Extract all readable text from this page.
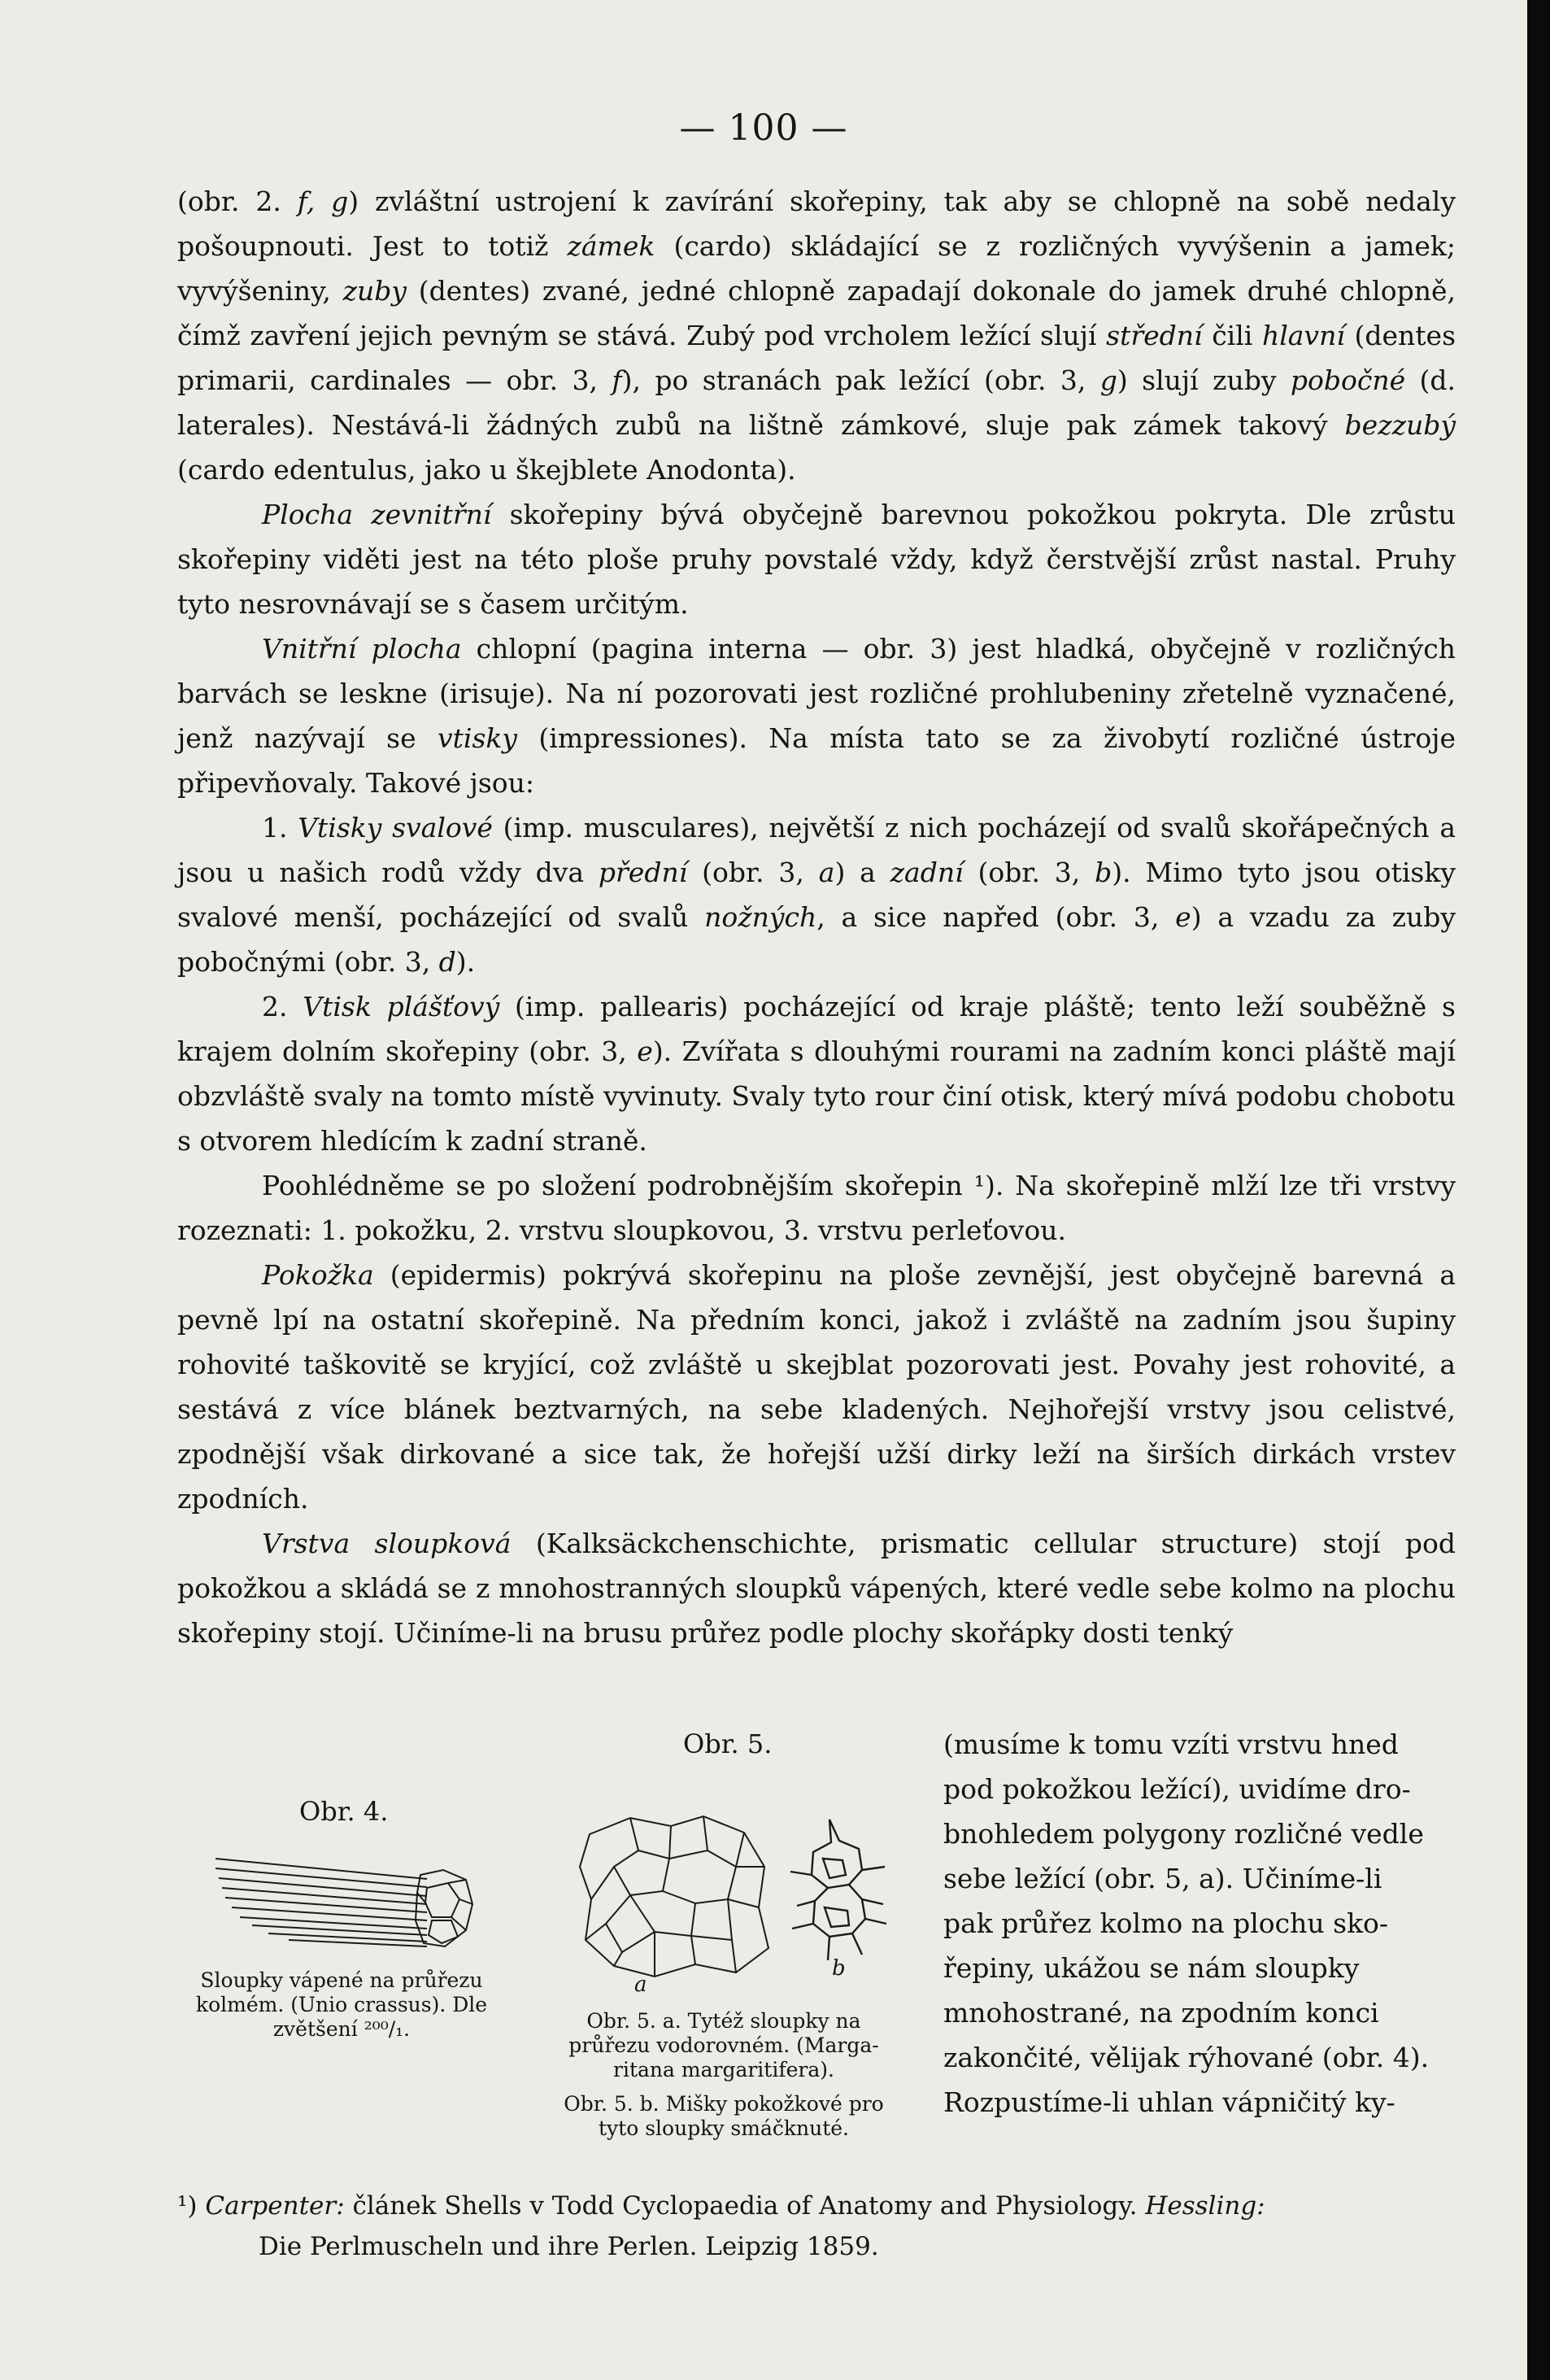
— 100 —

(obr. 2. f, g) zvláštní ustrojení k zavírání skořepiny, tak aby se chlopně na sobě nedaly pošoupnouti. Jest to totiž zámek (cardo) skládající se z rozličných vyvýšenin a jamek; vyvýšeniny, zuby (dentes) zvané, jedné chlopně zapadají dokonale do jamek druhé chlopně, čímž zavření jejich pevným se stává. Zubý pod vrcholem ležící slují střední čili hlavní (dentes primarii, cardinales — obr. 3, f), po stranách pak ležící (obr. 3, g) slují zuby pobočné (d. laterales). Nestává-li žádných zubů na lištně zámkové, sluje pak zámek takový bezzubý (cardo edentulus, jako u škejblete Anodonta).

Plocha zevnitřní skořepiny bývá obyčejně barevnou pokožkou pokryta. Dle zrůstu skořepiny viděti jest na této ploše pruhy povstalé vždy, když čerstvější zrůst nastal. Pruhy tyto nesrovnávají se s časem určitým.

Vnitřní plocha chlopní (pagina interna — obr. 3) jest hladká, obyčejně v rozličných barvách se leskne (irisuje). Na ní pozorovati jest rozličné prohlubeniny zřetelně vyznačené, jenž nazývají se vtisky (impressiones). Na místa tato se za živobytí rozličné ústroje připevňovaly. Takové jsou:

1. Vtisky svalové (imp. musculares), největší z nich pocházejí od svalů skořápečných a jsou u našich rodů vždy dva přední (obr. 3, a) a zadní (obr. 3, b). Mimo tyto jsou otisky svalové menší, pocházející od svalů nožných, a sice napřed (obr. 3, e) a vzadu za zuby pobočnými (obr. 3, d).

2. Vtisk plášťový (imp. pallearis) pocházející od kraje pláště; tento leží souběžně s krajem dolním skořepiny (obr. 3, e). Zvířata s dlouhými rourami na zadním konci pláště mají obzvláště svaly na tomto místě vyvinuty. Svaly tyto rour činí otisk, který mívá podobu chobotu s otvorem hledícím k zadní straně.

Poohlédněme se po složení podrobnějším skořepin ¹). Na skořepině mlží lze tři vrstvy rozeznati: 1. pokožku, 2. vrstvu sloupkovou, 3. vrstvu perleťovou.

Pokožka (epidermis) pokrývá skořepinu na ploše zevnější, jest obyčejně barevná a pevně lpí na ostatní skořepině. Na předním konci, jakož i zvláště na zadním jsou šupiny rohovité taškovitě se kryjící, což zvláště u skejblat pozorovati jest. Povahy jest rohovité, a sestává z více blánek beztvarných, na sebe kladených. Nejhořejší vrstvy jsou celistvé, zpodnější však dirkované a sice tak, že hořejší užší dirky leží na širších dirkách vrstev zpodních.

Vrstva sloupková (Kalksäckchenschichte, prismatic cellular structure) stojí pod pokožkou a skládá se z mnohostranných sloupků vápených, které vedle sebe kolmo na plochu skořepiny stojí. Učiníme-li na brusu průřez podle plochy skořápky dosti tenký

Obr. 5.	(musíme k tomu vzíti vrstvu hned
pod pokožkou ležící), uvidíme dro-
bnohledem polygony rozličné vedle
sebe ležící (obr. 5, a). Učiníme-li
pak průřez kolmo na plochu sko-
řepiny, ukážou se nám sloupky
mnohostrané, na zpodním konci
zakončité, vělijak rýhované (obr. 4).
Rozpustíme-li uhlan vápničitý ky-
Obr. 4.
Sloupky vápené na průřezu
kolmém. (Unio crassus). Dle
zvětšení ²⁰⁰/₁.
a
b
Obr. 5. a. Tytéž sloupky na
průřezu vodorovném. (Marga-
ritana margaritifera).
Obr. 5. b. Mišky pokožkové pro
tyto sloupky smáčknuté.
¹) Carpenter: článek Shells v Todd Cyclopaedia of Anatomy and Physiology. Hessling:
Die Perlmuscheln und ihre Perlen. Leipzig 1859.
